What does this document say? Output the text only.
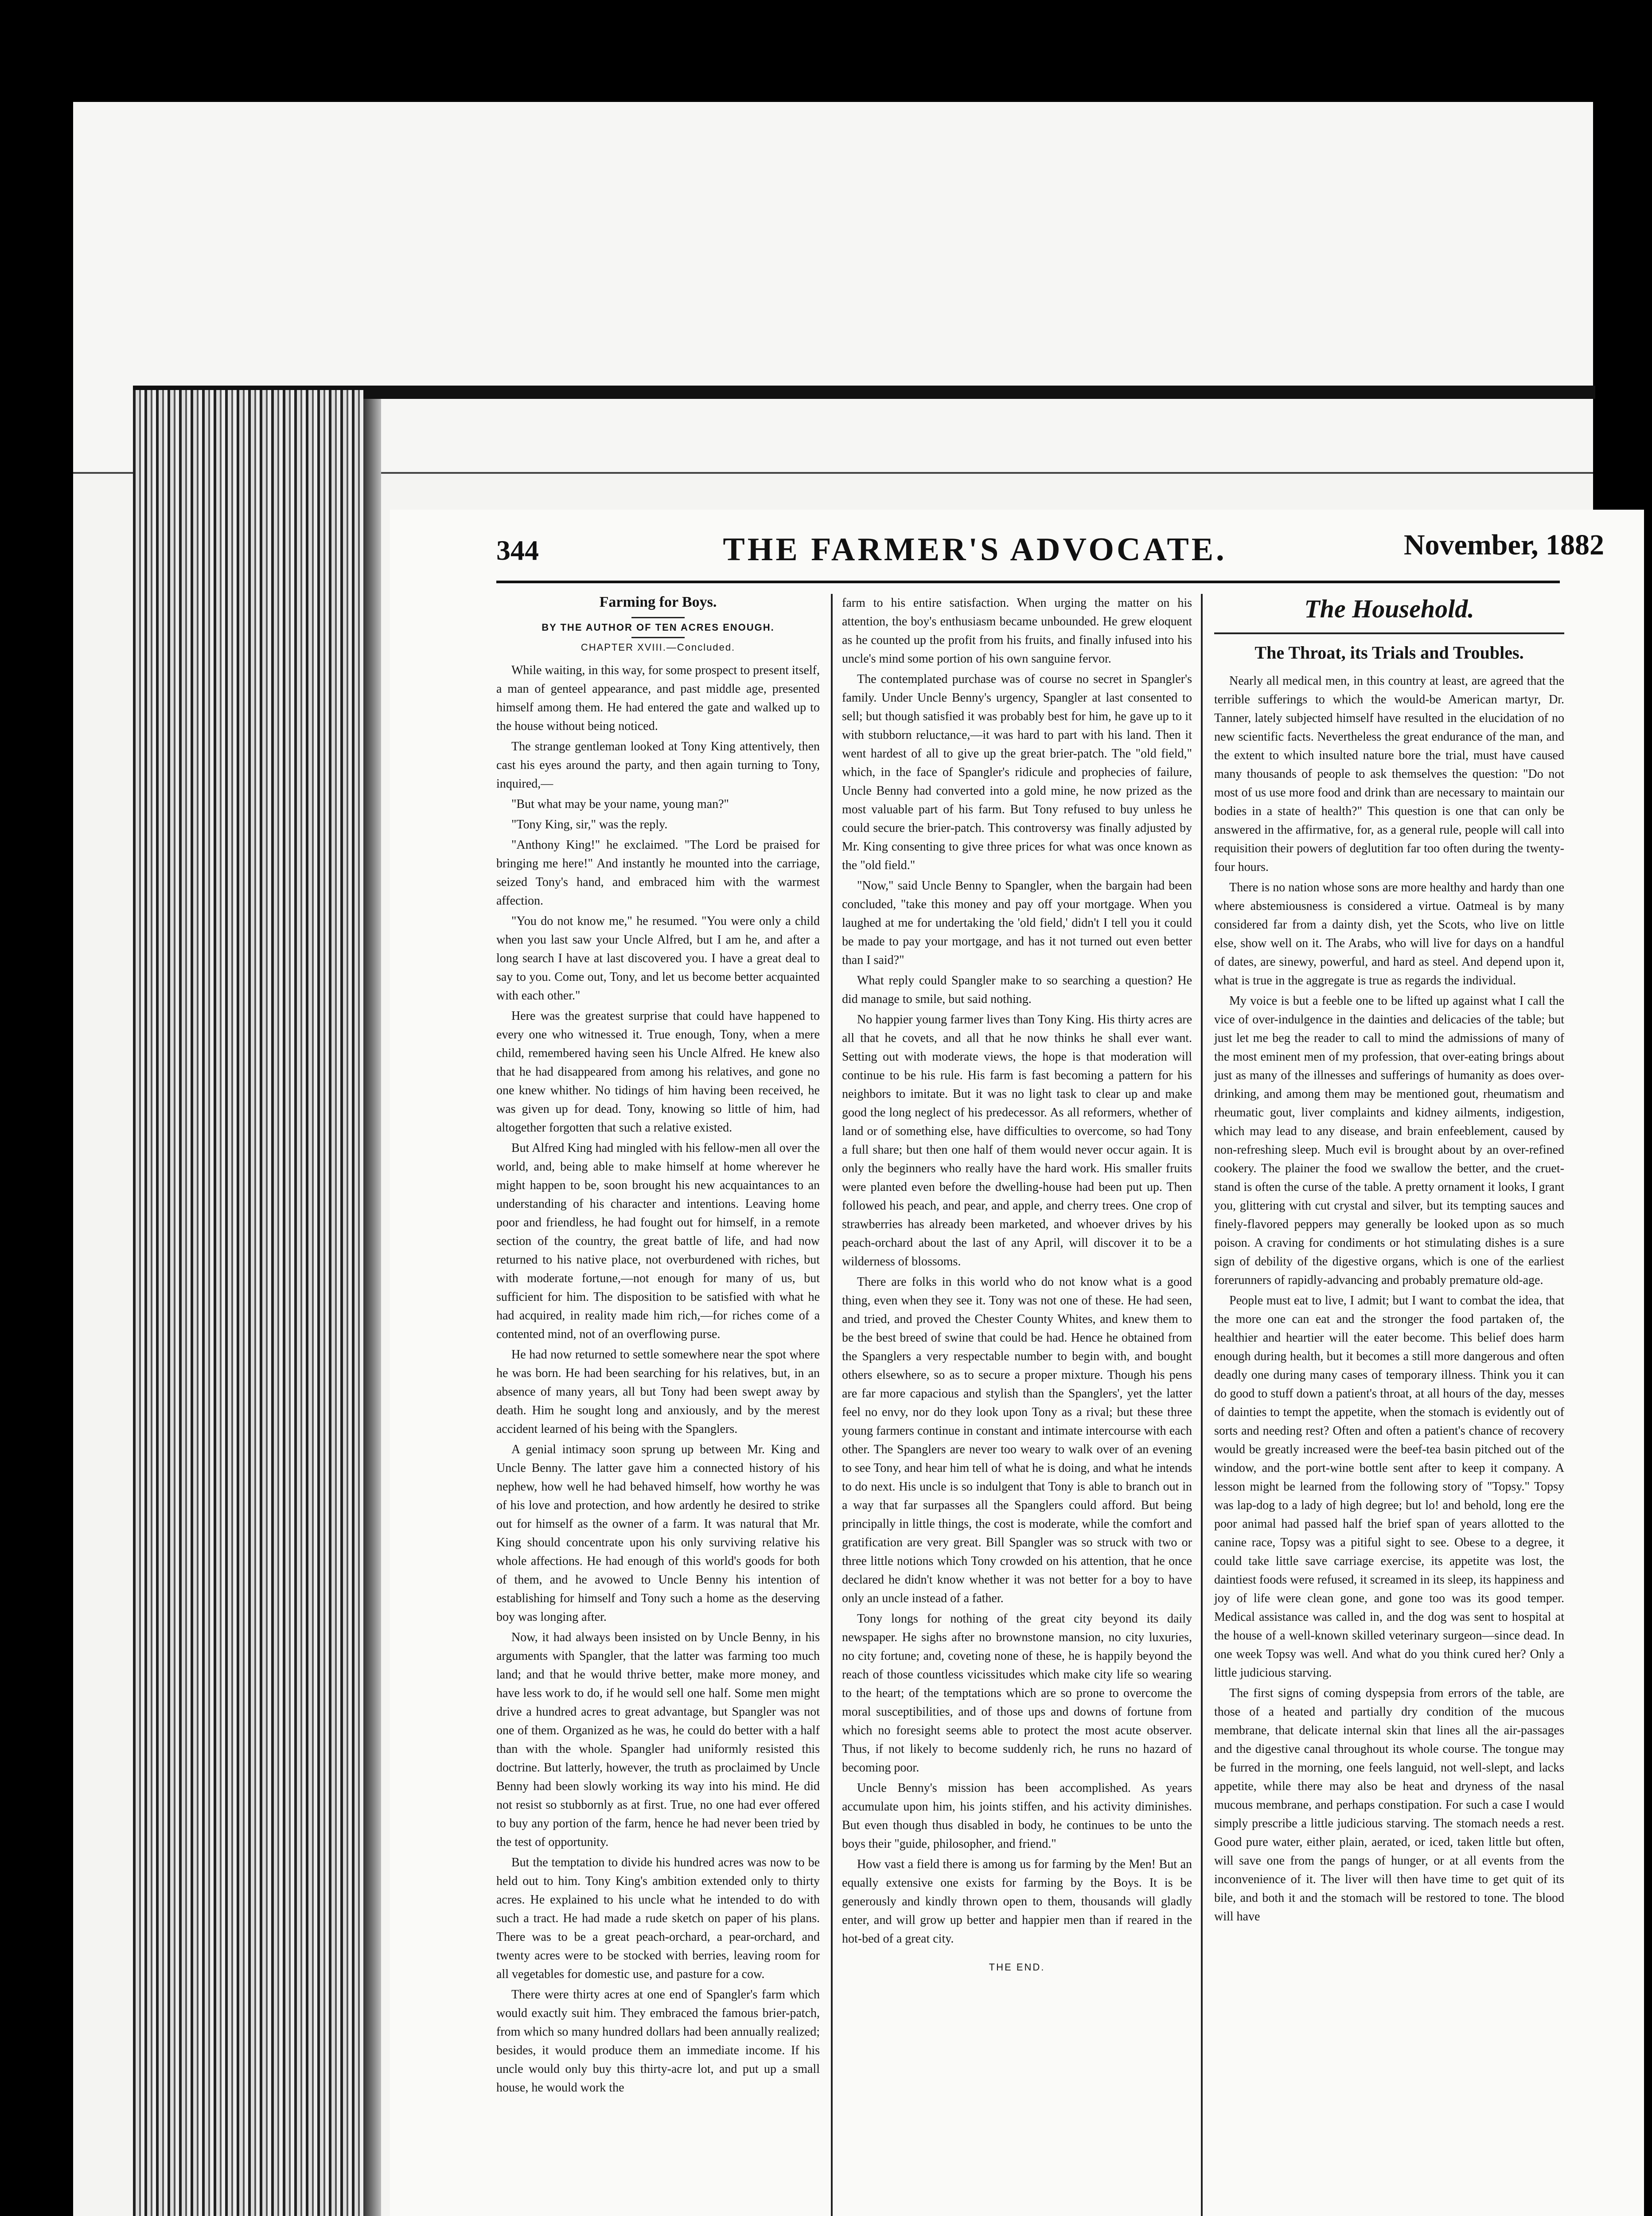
344	THE FARMER'S ADVOCATE.	November, 1882
Farming for Boys.
BY THE AUTHOR OF TEN ACRES ENOUGH.
CHAPTER XVIII.—Concluded.

While waiting, in this way, for some prospect to present itself, a man of genteel appearance, and past middle age, presented himself among them. He had entered the gate and walked up to the house without being noticed.

The strange gentleman looked at Tony King attentively, then cast his eyes around the party, and then again turning to Tony, inquired,—

"But what may be your name, young man?"

"Tony King, sir," was the reply.

"Anthony King!" he exclaimed. "The Lord be praised for bringing me here!" And instantly he mounted into the carriage, seized Tony's hand, and embraced him with the warmest affection.

"You do not know me," he resumed. "You were only a child when you last saw your Uncle Alfred, but I am he, and after a long search I have at last discovered you. I have a great deal to say to you. Come out, Tony, and let us become better acquainted with each other."

Here was the greatest surprise that could have happened to every one who witnessed it. True enough, Tony, when a mere child, remembered having seen his Uncle Alfred. He knew also that he had disappeared from among his relatives, and gone no one knew whither. No tidings of him having been received, he was given up for dead. Tony, knowing so little of him, had altogether forgotten that such a relative existed.

But Alfred King had mingled with his fellow-men all over the world, and, being able to make himself at home wherever he might happen to be, soon brought his new acquaintances to an understanding of his character and intentions. Leaving home poor and friendless, he had fought out for himself, in a remote section of the country, the great battle of life, and had now returned to his native place, not overburdened with riches, but with moderate fortune,—not enough for many of us, but sufficient for him. The disposition to be satisfied with what he had acquired, in reality made him rich,—for riches come of a contented mind, not of an overflowing purse.

He had now returned to settle somewhere near the spot where he was born. He had been searching for his relatives, but, in an absence of many years, all but Tony had been swept away by death. Him he sought long and anxiously, and by the merest accident learned of his being with the Spanglers.

A genial intimacy soon sprung up between Mr. King and Uncle Benny. The latter gave him a connected history of his nephew, how well he had behaved himself, how worthy he was of his love and protection, and how ardently he desired to strike out for himself as the owner of a farm. It was natural that Mr. King should concentrate upon his only surviving relative his whole affections. He had enough of this world's goods for both of them, and he avowed to Uncle Benny his intention of establishing for himself and Tony such a home as the deserving boy was longing after.

Now, it had always been insisted on by Uncle Benny, in his arguments with Spangler, that the latter was farming too much land; and that he would thrive better, make more money, and have less work to do, if he would sell one half. Some men might drive a hundred acres to great advantage, but Spangler was not one of them. Organized as he was, he could do better with a half than with the whole. Spangler had uniformly resisted this doctrine. But latterly, however, the truth as proclaimed by Uncle Benny had been slowly working its way into his mind. He did not resist so stubbornly as at first. True, no one had ever offered to buy any portion of the farm, hence he had never been tried by the test of opportunity.

But the temptation to divide his hundred acres was now to be held out to him. Tony King's ambition extended only to thirty acres. He explained to his uncle what he intended to do with such a tract. He had made a rude sketch on paper of his plans. There was to be a great peach-orchard, a pear-orchard, and twenty acres were to be stocked with berries, leaving room for all vegetables for domestic use, and pasture for a cow.

There were thirty acres at one end of Spangler's farm which would exactly suit him. They embraced the famous brier-patch, from which so many hundred dollars had been annually realized; besides, it would produce them an immediate income. If his uncle would only buy this thirty-acre lot, and put up a small house, he would work the

farm to his entire satisfaction. When urging the matter on his attention, the boy's enthusiasm became unbounded. He grew eloquent as he counted up the profit from his fruits, and finally infused into his uncle's mind some portion of his own sanguine fervor.

The contemplated purchase was of course no secret in Spangler's family. Under Uncle Benny's urgency, Spangler at last consented to sell; but though satisfied it was probably best for him, he gave up to it with stubborn reluctance,—it was hard to part with his land. Then it went hardest of all to give up the great brier-patch. The "old field," which, in the face of Spangler's ridicule and prophecies of failure, Uncle Benny had converted into a gold mine, he now prized as the most valuable part of his farm. But Tony refused to buy unless he could secure the brier-patch. This controversy was finally adjusted by Mr. King consenting to give three prices for what was once known as the "old field."

"Now," said Uncle Benny to Spangler, when the bargain had been concluded, "take this money and pay off your mortgage. When you laughed at me for undertaking the 'old field,' didn't I tell you it could be made to pay your mortgage, and has it not turned out even better than I said?"

What reply could Spangler make to so searching a question? He did manage to smile, but said nothing.

No happier young farmer lives than Tony King. His thirty acres are all that he covets, and all that he now thinks he shall ever want. Setting out with moderate views, the hope is that moderation will continue to be his rule. His farm is fast becoming a pattern for his neighbors to imitate. But it was no light task to clear up and make good the long neglect of his predecessor. As all reformers, whether of land or of something else, have difficulties to overcome, so had Tony a full share; but then one half of them would never occur again. It is only the beginners who really have the hard work. His smaller fruits were planted even before the dwelling-house had been put up. Then followed his peach, and pear, and apple, and cherry trees. One crop of strawberries has already been marketed, and whoever drives by his peach-orchard about the last of any April, will discover it to be a wilderness of blossoms.

There are folks in this world who do not know what is a good thing, even when they see it. Tony was not one of these. He had seen, and tried, and proved the Chester County Whites, and knew them to be the best breed of swine that could be had. Hence he obtained from the Spanglers a very respectable number to begin with, and bought others elsewhere, so as to secure a proper mixture. Though his pens are far more capacious and stylish than the Spanglers', yet the latter feel no envy, nor do they look upon Tony as a rival; but these three young farmers continue in constant and intimate intercourse with each other. The Spanglers are never too weary to walk over of an evening to see Tony, and hear him tell of what he is doing, and what he intends to do next. His uncle is so indulgent that Tony is able to branch out in a way that far surpasses all the Spanglers could afford. But being principally in little things, the cost is moderate, while the comfort and gratification are very great. Bill Spangler was so struck with two or three little notions which Tony crowded on his attention, that he once declared he didn't know whether it was not better for a boy to have only an uncle instead of a father.

Tony longs for nothing of the great city beyond its daily newspaper. He sighs after no brownstone mansion, no city luxuries, no city fortune; and, coveting none of these, he is happily beyond the reach of those countless vicissitudes which make city life so wearing to the heart; of the temptations which are so prone to overcome the moral susceptibilities, and of those ups and downs of fortune from which no foresight seems able to protect the most acute observer. Thus, if not likely to become suddenly rich, he runs no hazard of becoming poor.

Uncle Benny's mission has been accomplished. As years accumulate upon him, his joints stiffen, and his activity diminishes. But even though thus disabled in body, he continues to be unto the boys their "guide, philosopher, and friend."

How vast a field there is among us for farming by the Men! But an equally extensive one exists for farming by the Boys. It is be generously and kindly thrown open to them, thousands will gladly enter, and will grow up better and happier men than if reared in the hot-bed of a great city.

THE END.
The Household.
The Throat, its Trials and Troubles.

Nearly all medical men, in this country at least, are agreed that the terrible sufferings to which the would-be American martyr, Dr. Tanner, lately subjected himself have resulted in the elucidation of no new scientific facts. Nevertheless the great endurance of the man, and the extent to which insulted nature bore the trial, must have caused many thousands of people to ask themselves the question: "Do not most of us use more food and drink than are necessary to maintain our bodies in a state of health?" This question is one that can only be answered in the affirmative, for, as a general rule, people will call into requisition their powers of deglutition far too often during the twenty-four hours.

There is no nation whose sons are more healthy and hardy than one where abstemiousness is considered a virtue. Oatmeal is by many considered far from a dainty dish, yet the Scots, who live on little else, show well on it. The Arabs, who will live for days on a handful of dates, are sinewy, powerful, and hard as steel. And depend upon it, what is true in the aggregate is true as regards the individual.

My voice is but a feeble one to be lifted up against what I call the vice of over-indulgence in the dainties and delicacies of the table; but just let me beg the reader to call to mind the admissions of many of the most eminent men of my profession, that over-eating brings about just as many of the illnesses and sufferings of humanity as does over-drinking, and among them may be mentioned gout, rheumatism and rheumatic gout, liver complaints and kidney ailments, indigestion, which may lead to any disease, and brain enfeeblement, caused by non-refreshing sleep. Much evil is brought about by an over-refined cookery. The plainer the food we swallow the better, and the cruet-stand is often the curse of the table. A pretty ornament it looks, I grant you, glittering with cut crystal and silver, but its tempting sauces and finely-flavored peppers may generally be looked upon as so much poison. A craving for condiments or hot stimulating dishes is a sure sign of debility of the digestive organs, which is one of the earliest forerunners of rapidly-advancing and probably premature old-age.

People must eat to live, I admit; but I want to combat the idea, that the more one can eat and the stronger the food partaken of, the healthier and heartier will the eater become. This belief does harm enough during health, but it becomes a still more dangerous and often deadly one during many cases of temporary illness. Think you it can do good to stuff down a patient's throat, at all hours of the day, messes of dainties to tempt the appetite, when the stomach is evidently out of sorts and needing rest? Often and often a patient's chance of recovery would be greatly increased were the beef-tea basin pitched out of the window, and the port-wine bottle sent after to keep it company. A lesson might be learned from the following story of "Topsy." Topsy was lap-dog to a lady of high degree; but lo! and behold, long ere the poor animal had passed half the brief span of years allotted to the canine race, Topsy was a pitiful sight to see. Obese to a degree, it could take little save carriage exercise, its appetite was lost, the daintiest foods were refused, it screamed in its sleep, its happiness and joy of life were clean gone, and gone too was its good temper. Medical assistance was called in, and the dog was sent to hospital at the house of a well-known skilled veterinary surgeon—since dead. In one week Topsy was well. And what do you think cured her? Only a little judicious starving.

The first signs of coming dyspepsia from errors of the table, are those of a heated and partially dry condition of the mucous membrane, that delicate internal skin that lines all the air-passages and the digestive canal throughout its whole course. The tongue may be furred in the morning, one feels languid, not well-slept, and lacks appetite, while there may also be heat and dryness of the nasal mucous membrane, and perhaps constipation. For such a case I would simply prescribe a little judicious starving. The stomach needs a rest. Good pure water, either plain, aerated, or iced, taken little but often, will save one from the pangs of hunger, or at all events from the inconvenience of it. The liver will then have time to get quit of its bile, and both it and the stomach will be restored to tone. The blood will have
